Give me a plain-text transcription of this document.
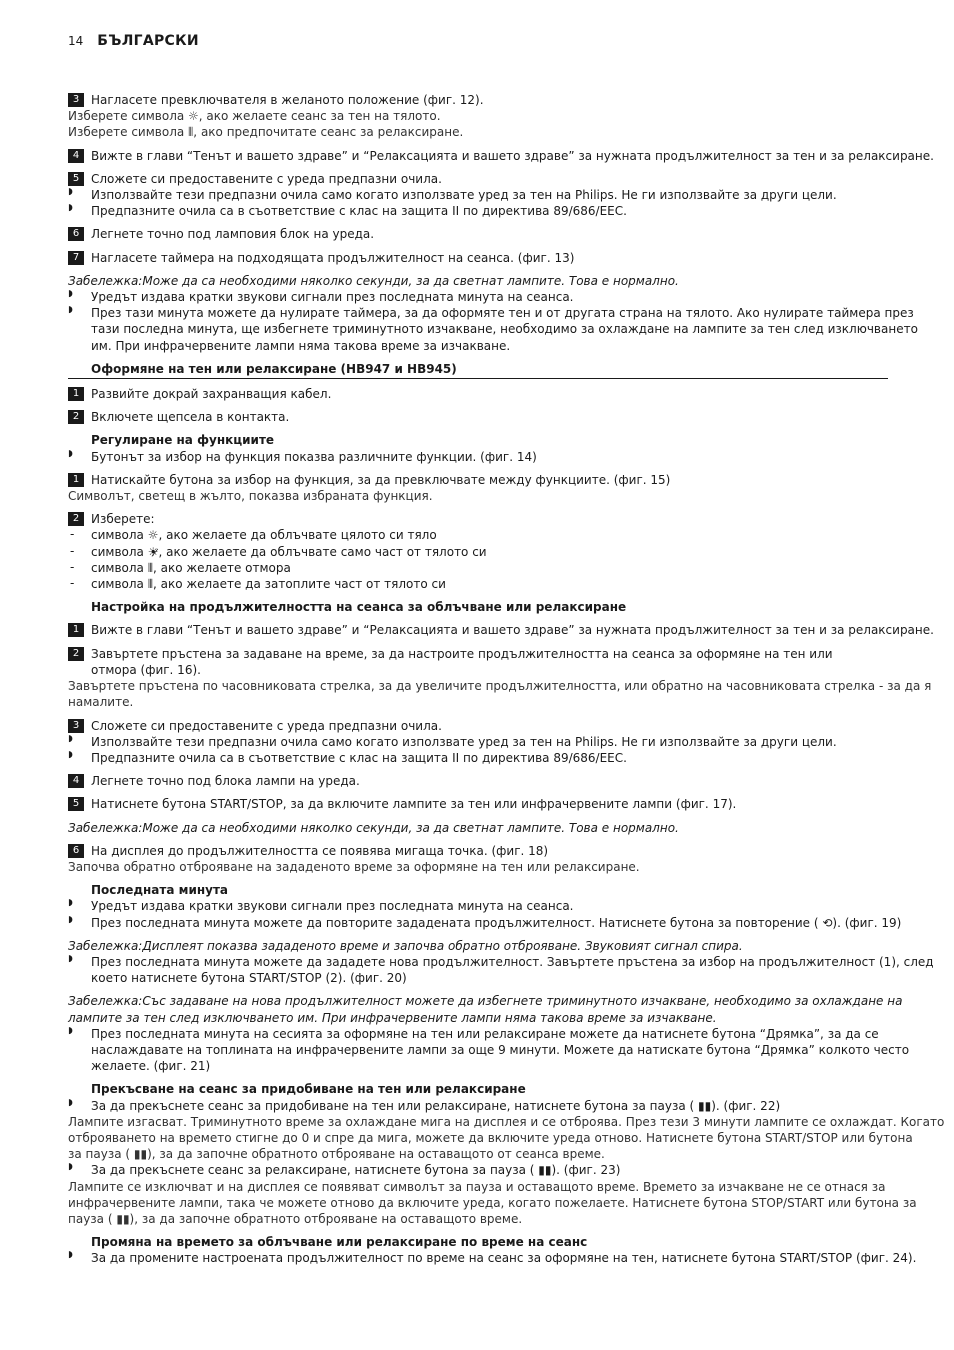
14 БЪЛГАРСКИ
3 Нагласете превключвателя в желаното положение (фиг. 12).
Изберете символа ☼, ако желаете сеанс за тен на тялото.
Изберете символа ⦀, ако предпочитате сеанс за релаксиране.
4 Вижте в глави “Тенът и вашето здраве” и “Релаксацията и вашето здраве” за нужната продължителност за тен и за релаксиране.
5 Сложете си предоставените с уреда предпазни очила.
◗ Използвайте тези предпазни очила само когато използвате уред за тен на Philips. Не ги използвайте за други цели.
◗ Предпазните очила са в съответствие с клас на защита II по директива 89/686/EEC.
6 Легнете точно под ламповия блок на уреда.
7 Нагласете таймера на подходящата продължителност на сеанса. (фиг. 13)
Забележка:Може да са необходими няколко секунди, за да светнат лампите. Това е нормално.
◗ Уредът издава кратки звукови сигнали през последната минута на сеанса.
◗ През тази минута можете да нулирате таймера, за да оформяте тен и от другата страна на тялото. Ако нулирате таймера през
тази последна минута, ще избегнете триминутното изчакване, необходимо за охлаждане на лампите за тен след изключването
им. При инфрачервените лампи няма такова време за изчакване.
Оформяне на тен или релаксиране (HB947 и HB945)
1 Развийте докрай захранващия кабел.
2 Включете щепсела в контакта.
Регулиране на функциите
◗ Бутонът за избор на функция показва различните функции. (фиг. 14)
1 Натискайте бутона за избор на функция, за да превключвате между функциите. (фиг. 15)
Символът, светещ в жълто, показва избраната функция.
2 Изберете:
- символа ☼, ако желаете да облъчвате цялото си тяло
- символа ☀̷, ако желаете да облъчвате само част от тялото си
- символа ⦀, ако желаете отмора
- символа ⦀, ако желаете да затоплите част от тялото си
Настройка на продължителността на сеанса за облъчване или релаксиране
1 Вижте в глави “Тенът и вашето здраве” и “Релаксацията и вашето здраве” за нужната продължителност за тен и за релаксиране.
2 Завъртете пръстена за задаване на време, за да настроите продължителността на сеанса за оформяне на тен или
отмора (фиг. 16).
Завъртете пръстена по часовниковата стрелка, за да увеличите продължителността, или обратно на часовниковата стрелка - за да я
намалите.
3 Сложете си предоставените с уреда предпазни очила.
◗ Използвайте тези предпазни очила само когато използвате уред за тен на Philips. Не ги използвайте за други цели.
◗ Предпазните очила са в съответствие с клас на защита II по директива 89/686/EEC.
4 Легнете точно под блока лампи на уреда.
5 Натиснете бутона START/STOP, за да включите лампите за тен или инфрачервените лампи (фиг. 17).
Забележка:Може да са необходими няколко секунди, за да светнат лампите. Това е нормално.
6 На дисплея до продължителността се появява мигаща точка. (фиг. 18)
Започва обратно отброяване на зададеното време за оформяне на тен или релаксиране.
Последната минута
◗ Уредът издава кратки звукови сигнали през последната минута на сеанса.
◗ През последната минута можете да повторите зададената продължителност. Натиснете бутона за повторение ( ⟲). (фиг. 19)
Забележка:Дисплеят показва зададеното време и започва обратно отброяване. Звуковият сигнал спира.
◗ През последната минута можете да зададете нова продължителност. Завъртете пръстена за избор на продължителност (1), след
което натиснете бутона START/STOP (2). (фиг. 20)
Забележка:Със задаване на нова продължителност можете да избегнете триминутното изчакване, необходимо за охлаждане на
лампите за тен след изключването им. При инфрачервените лампи няма такова време за изчакване.
◗ През последната минута на сесията за оформяне на тен или релаксиране можете да натиснете бутона “Дрямка”, за да се
наслаждавате на топлината на инфрачервените лампи за още 9 минути. Можете да натискате бутона “Дрямка” колкото често
желаете. (фиг. 21)
Прекъсване на сеанс за придобиване на тен или релаксиране
◗ За да прекъснете сеанс за придобиване на тен или релаксиране, натиснете бутона за пауза ( ▮▮). (фиг. 22)
Лампите изгасват. Триминутното време за охлаждане мига на дисплея и се отброява. През тези 3 минути лампите се охлаждат. Когато
отброяването на времето стигне до 0 и спре да мига, можете да включите уреда отново. Натиснете бутона START/STOP или бутона
за пауза ( ▮▮), за да започне обратното отброяване на оставащото от сеанса време.
◗ За да прекъснете сеанс за релаксиране, натиснете бутона за пауза ( ▮▮). (фиг. 23)
Лампите се изключват и на дисплея се появяват символът за пауза и оставащото време. Времето за изчакване не се отнася за
инфрачервените лампи, така че можете отново да включите уреда, когато пожелаете. Натиснете бутона STOP/START или бутона за
пауза ( ▮▮), за да започне обратното отброяване на оставащото време.
Промяна на времето за облъчване или релаксиране по време на сеанс
◗ За да промените настроената продължителност по време на сеанс за оформяне на тен, натиснете бутона START/STOP (фиг. 24).
